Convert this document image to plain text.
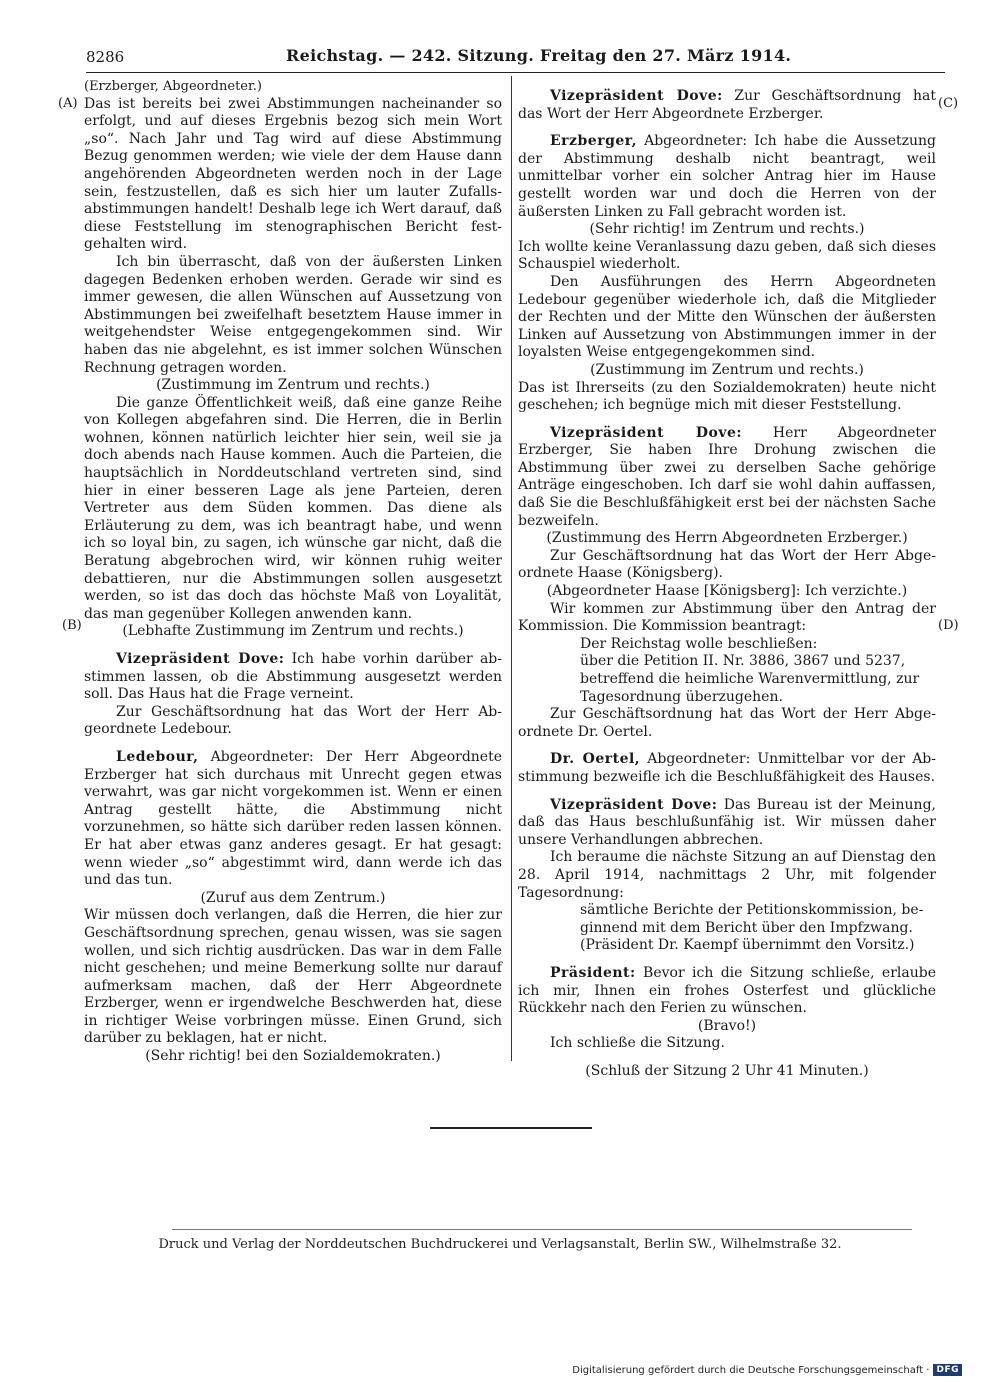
8286	Reichstag. — 242. Sitzung. Freitag den 27. März 1914.
(A)
(B)
(C)
(D)

(Erzberger, Abgeordneter.)

Das ist bereits bei zwei Abstimmungen nacheinander so erfolgt, und auf dieses Ergebnis bezog sich mein Wort „so“. Nach Jahr und Tag wird auf diese Abstimmung Bezug genommen werden; wie viele der dem Hause dann angehörenden Abgeordneten werden noch in der Lage sein, festzustellen, daß es sich hier um lauter Zufallsabstimmungen handelt! Deshalb lege ich Wert darauf, daß diese Feststellung im stenographischen Bericht festgehalten wird.

Ich bin überrascht, daß von der äußersten Linken dagegen Bedenken erhoben werden. Gerade wir sind es immer gewesen, die allen Wünschen auf Aussetzung von Abstimmungen bei zweifelhaft besetztem Hause immer in weitgehendster Weise entgegengekommen sind. Wir haben das nie abgelehnt, es ist immer solchen Wünschen Rechnung getragen worden.

(Zustimmung im Zentrum und rechts.)

Die ganze Öffentlichkeit weiß, daß eine ganze Reihe von Kollegen abgefahren sind. Die Herren, die in Berlin wohnen, können natürlich leichter hier sein, weil sie ja doch abends nach Hause kommen. Auch die Parteien, die hauptsächlich in Norddeutschland vertreten sind, sind hier in einer besseren Lage als jene Parteien, deren Vertreter aus dem Süden kommen. Das diene als Erläuterung zu dem, was ich beantragt habe, und wenn ich so loyal bin, zu sagen, ich wünsche gar nicht, daß die Beratung abgebrochen wird, wir können ruhig weiter debattieren, nur die Abstimmungen sollen ausgesetzt werden, so ist das doch das höchste Maß von Loyalität, das man gegenüber Kollegen anwenden kann.

(Lebhafte Zustimmung im Zentrum und rechts.)

Vizepräsident Dove: Ich habe vorhin darüber abstimmen lassen, ob die Abstimmung ausgesetzt werden soll. Das Haus hat die Frage verneint.

Zur Geschäftsordnung hat das Wort der Herr Abgeordnete Ledebour.

Ledebour, Abgeordneter: Der Herr Abgeordnete Erzberger hat sich durchaus mit Unrecht gegen etwas verwahrt, was gar nicht vorgekommen ist. Wenn er einen Antrag gestellt hätte, die Abstimmung nicht vorzunehmen, so hätte sich darüber reden lassen können. Er hat aber etwas ganz anderes gesagt. Er hat gesagt: wenn wieder „so“ abgestimmt wird, dann werde ich das und das tun.

(Zuruf aus dem Zentrum.)

Wir müssen doch verlangen, daß die Herren, die hier zur Geschäftsordnung sprechen, genau wissen, was sie sagen wollen, und sich richtig ausdrücken. Das war in dem Falle nicht geschehen; und meine Bemerkung sollte nur darauf aufmerksam machen, daß der Herr Abgeordnete Erzberger, wenn er irgendwelche Beschwerden hat, diese in richtiger Weise vorbringen müsse. Einen Grund, sich darüber zu beklagen, hat er nicht.

(Sehr richtig! bei den Sozialdemokraten.)

Vizepräsident Dove: Zur Geschäftsordnung hat das Wort der Herr Abgeordnete Erzberger.

Erzberger, Abgeordneter: Ich habe die Aussetzung der Abstimmung deshalb nicht beantragt, weil unmittelbar vorher ein solcher Antrag hier im Hause gestellt worden war und doch die Herren von der äußersten Linken zu Fall gebracht worden ist.

(Sehr richtig! im Zentrum und rechts.)

Ich wollte keine Veranlassung dazu geben, daß sich dieses Schauspiel wiederholt.

Den Ausführungen des Herrn Abgeordneten Ledebour gegenüber wiederhole ich, daß die Mitglieder der Rechten und der Mitte den Wünschen der äußersten Linken auf Aussetzung von Abstimmungen immer in der loyalsten Weise entgegengekommen sind.

(Zustimmung im Zentrum und rechts.)

Das ist Ihrerseits (zu den Sozialdemokraten) heute nicht geschehen; ich begnüge mich mit dieser Feststellung.

Vizepräsident Dove: Herr Abgeordneter Erzberger, Sie haben Ihre Drohung zwischen die Abstimmung über zwei zu derselben Sache gehörige Anträge eingeschoben. Ich darf sie wohl dahin auffassen, daß Sie die Beschlußfähigkeit erst bei der nächsten Sache bezweifeln.

(Zustimmung des Herrn Abgeordneten Erzberger.)

Zur Geschäftsordnung hat das Wort der Herr Abgeordnete Haase (Königsberg).

(Abgeordneter Haase [Königsberg]: Ich verzichte.)

Wir kommen zur Abstimmung über den Antrag der Kommission. Die Kommission beantragt:

Der Reichstag wolle beschließen:

über die Petition II. Nr. 3886, 3867 und 5237, betreffend die heimliche Warenvermittlung, zur Tagesordnung überzugehen.

Zur Geschäftsordnung hat das Wort der Herr Abgeordnete Dr. Oertel.

Dr. Oertel, Abgeordneter: Unmittelbar vor der Abstimmung bezweifle ich die Beschlußfähigkeit des Hauses.

Vizepräsident Dove: Das Bureau ist der Meinung, daß das Haus beschlußunfähig ist. Wir müssen daher unsere Verhandlungen abbrechen.

Ich beraume die nächste Sitzung an auf Dienstag den 28. April 1914, nachmittags 2 Uhr, mit folgender Tagesordnung:

sämtliche Berichte der Petitionskommission, beginnend mit dem Bericht über den Impfzwang.

(Präsident Dr. Kaempf übernimmt den Vorsitz.)

Präsident: Bevor ich die Sitzung schließe, erlaube ich mir, Ihnen ein frohes Osterfest und glückliche Rückkehr nach den Ferien zu wünschen.

(Bravo!)

Ich schließe die Sitzung.

(Schluß der Sitzung 2 Uhr 41 Minuten.)

Druck und Verlag der Norddeutschen Buchdruckerei und Verlagsanstalt, Berlin SW., Wilhelmstraße 32.
Digitalisierung gefördert durch die Deutsche Forschungsgemeinschaft · DFG
